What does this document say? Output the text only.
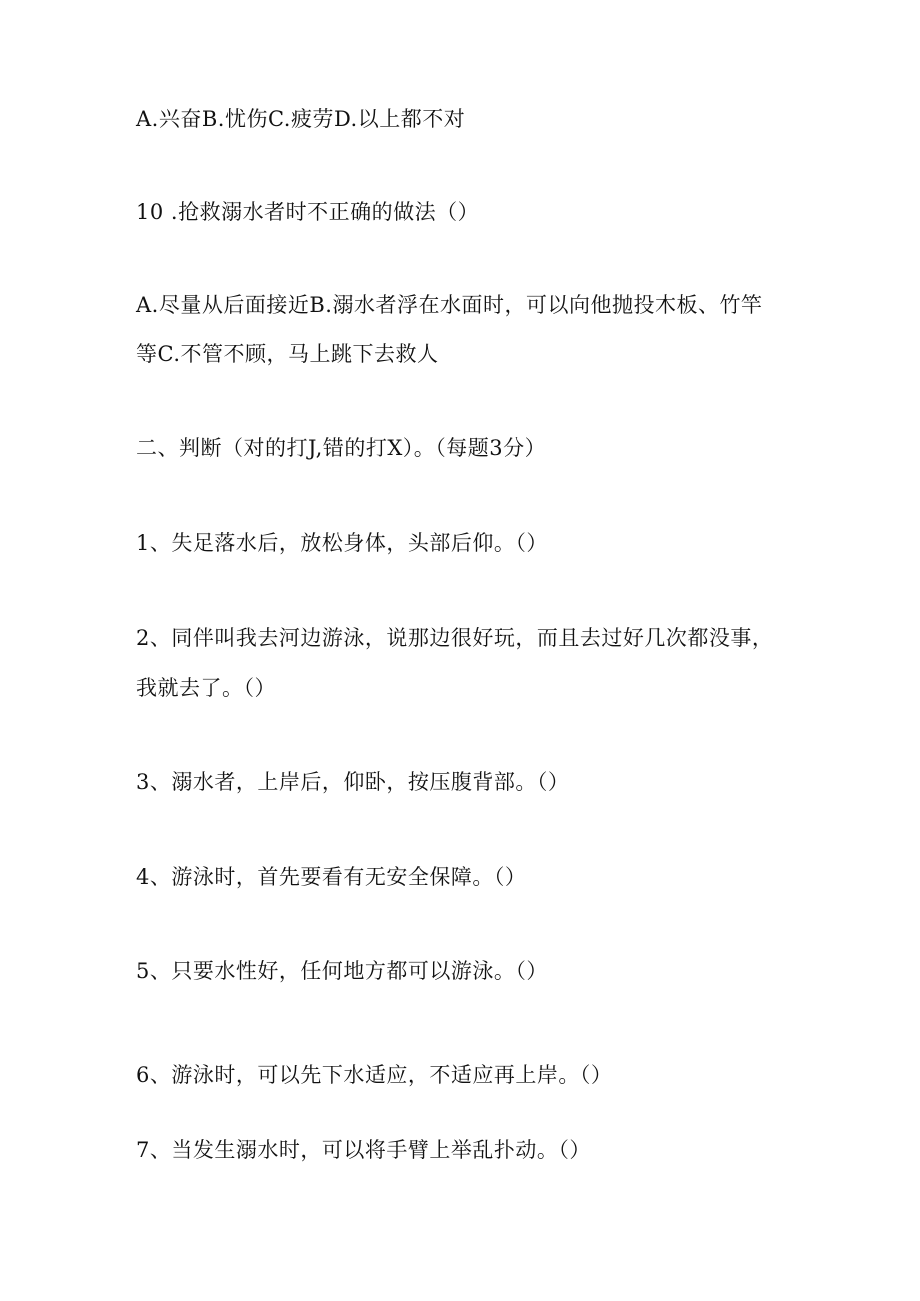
A.兴奋B.忧伤C.疲劳D.以上都不对
10 .抢救溺水者时不正确的做法（）
A.尽量从后面接近B.溺水者浮在水面时，可以向他抛投木板、竹竿
等C.不管不顾，马上跳下去救人
二、判断（对的打J,错的打X）。（每题3分）
1、失足落水后，放松身体，头部后仰。（）
2、同伴叫我去河边游泳，说那边很好玩，而且去过好几次都没事，
我就去了。（）
3、溺水者，上岸后，仰卧，按压腹背部。（）
4、游泳时，首先要看有无安全保障。（）
5、只要水性好，任何地方都可以游泳。（）
6、游泳时，可以先下水适应，不适应再上岸。（）
7、当发生溺水时，可以将手臂上举乱扑动。（）
